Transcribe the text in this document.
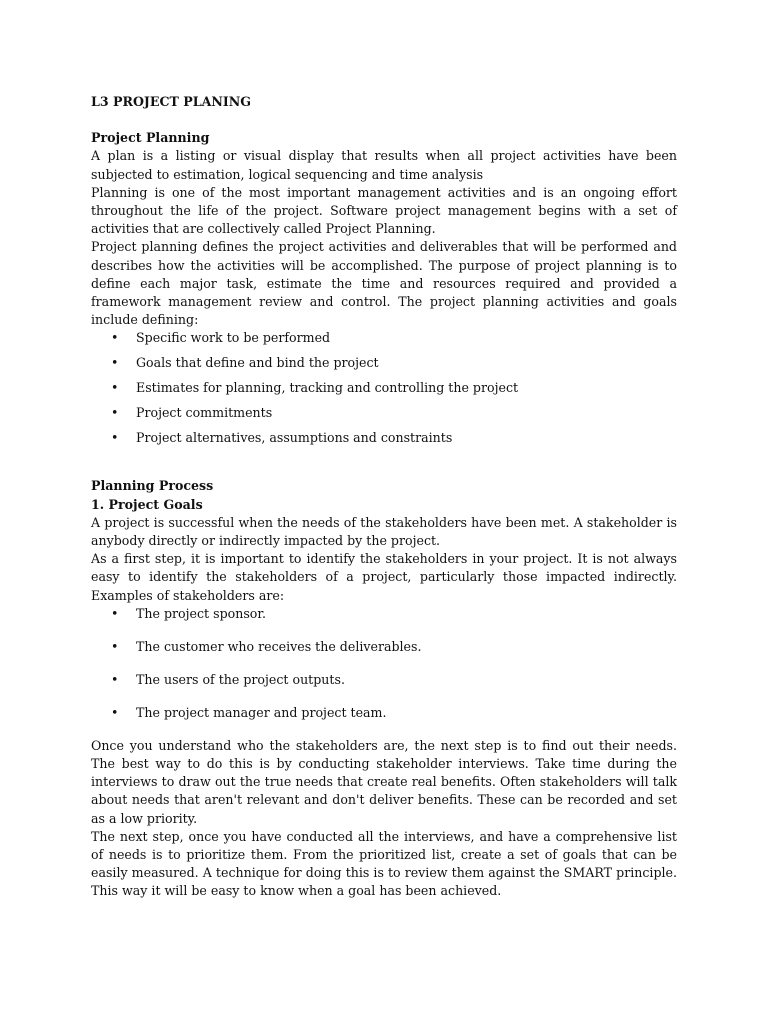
L3 PROJECT PLANING
Project Planning

A plan is a listing or visual display that results when all project activities have been subjected to estimation, logical sequencing and time analysis

Planning is one of the most important management activities and is an ongoing effort throughout the life of the project. Software project management begins with a set of activities that are collectively called Project Planning.

Project planning defines the project activities and deliverables that will be performed and describes how the activities will be accomplished. The purpose of project planning is to define each major task, estimate the time and resources required and provided a framework management review and control. The project planning activities and goals include defining:

• Specific work to be performed
• Goals that define and bind the project
• Estimates for planning, tracking and controlling the project
• Project commitments
• Project alternatives, assumptions and constraints
Planning Process
1. Project Goals

A project is successful when the needs of the stakeholders have been met. A stakeholder is anybody directly or indirectly impacted by the project.

As a first step, it is important to identify the stakeholders in your project. It is not always easy to identify the stakeholders of a project, particularly those impacted indirectly. Examples of stakeholders are:

• The project sponsor.
• The customer who receives the deliverables.
• The users of the project outputs.
• The project manager and project team.

Once you understand who the stakeholders are, the next step is to find out their needs. The best way to do this is by conducting stakeholder interviews. Take time during the interviews to draw out the true needs that create real benefits. Often stakeholders will talk about needs that aren't relevant and don't deliver benefits. These can be recorded and set as a low priority.

The next step, once you have conducted all the interviews, and have a comprehensive list of needs is to prioritize them. From the prioritized list, create a set of goals that can be easily measured. A technique for doing this is to review them against the SMART principle. This way it will be easy to know when a goal has been achieved.
